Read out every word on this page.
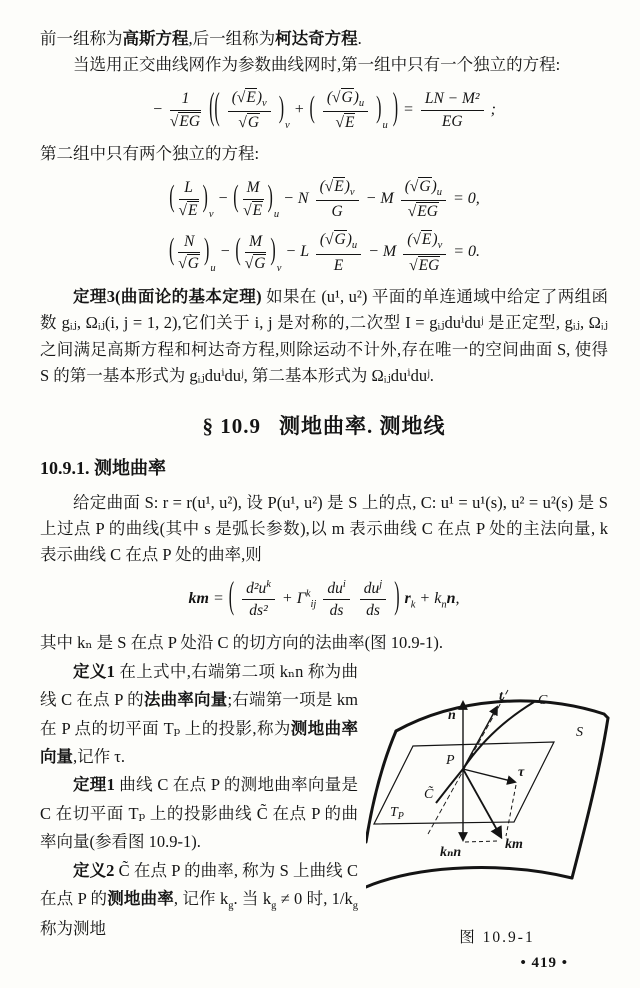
前一组称为高斯方程,后一组称为柯达奇方程.

当选用正交曲线网作为参数曲线网时,第一组中只有一个独立的方程:

− $\frac{1}{√EG}$ (( $\frac{(√E)_v}{√G} )_v$ + ( $\frac{(√G)_u}{√E} )_u$ ) = $\frac{\text{LN − M²}}{EG}$ ;

第二组中只有两个独立的方程:

( $\frac{L}{√E} )_v$ − ( $\frac{M}{√E} )_u - N \frac{(√E)_v}{G} - M \frac{(√G)_u}{√EG} = 0$,
( $\frac{N}{√G} )_u$ − ( $\frac{M}{√G} )_v - L \frac{(√G)_u}{E} - M \frac{(√E)_v}{√EG} = 0$.

定理3(曲面论的基本定理) 如果在 (u¹, u²) 平面的单连通域中给定了两组函数 gᵢⱼ, Ωᵢⱼ(i, j = 1, 2),它们关于 i, j 是对称的,二次型 I = gᵢⱼduⁱduʲ 是正定型, gᵢⱼ, Ωᵢⱼ 之间满足高斯方程和柯达奇方程,则除运动不计外,存在唯一的空间曲面 S, 使得 S 的第一基本形式为 gᵢⱼduⁱduʲ, 第二基本形式为 Ωᵢⱼduⁱduʲ.

§ 10.9 测地曲率. 测地线
10.9.1. 测地曲率

给定曲面 S: r = r(u¹, u²), 设 P(u¹, u²) 是 S 上的点, C: u¹ = u¹(s), u² = u²(s) 是 S 上过点 P 的曲线(其中 s 是弧长参数),以 m 表示曲线 C 在点 P 处的主法向量, k 表示曲线 C 在点 P 处的曲率,则

km = ( $\frac{d^2u^k}{\text{ds²}} + \Gamma^k_{ij} \frac{du^i}{ds}$
$\frac{du^j}{ds}$ ) $r_k + k_nn$,

其中 kₙ 是 S 在点 P 处沿 C 的切方向的法曲率(图 10.9-1).

定义1 在上式中,右端第二项 kₙn 称为曲线 C 在点 P 的法曲率向量;右端第一项是 km 在 P 点的切平面 Tₚ 上的投影,称为测地曲率向量,记作 τ.

定理1 曲线 C 在点 P 的测地曲率向量是 C 在切平面 Tₚ 上的投影曲线 C̃ 在点 P 的曲率向量(参看图 10.9-1).

定义2 C̃ 在点 P 的曲率, 称为 S 上曲线 C 在点 P 的测地曲率, 记作 $k_g$. 当 $k_g \ne 0$ 时, $1/k_g$ 称为测地

n
t	C
S
P
τ
C̃
$T_P$
kₙn
km
图 10.9-1
• 419 •
